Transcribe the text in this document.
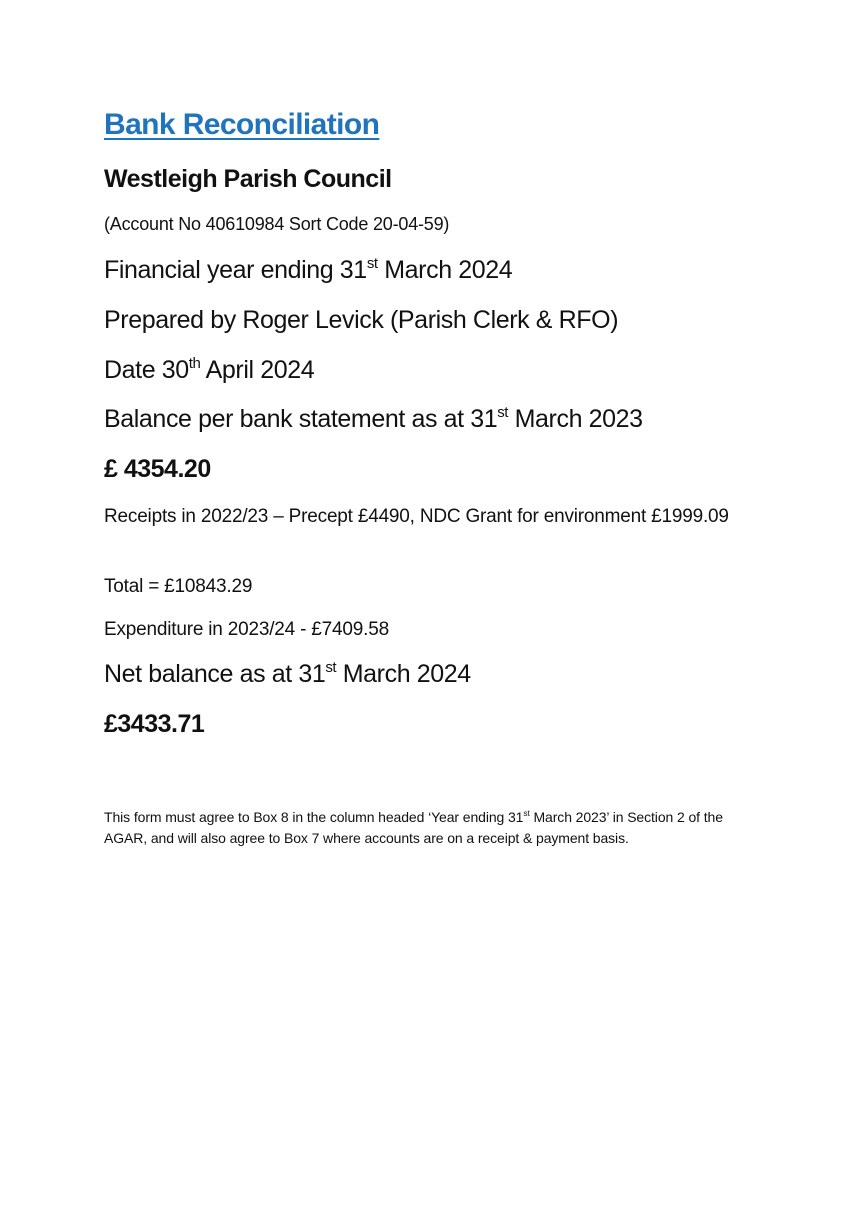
Bank Reconciliation
Westleigh Parish Council
(Account No 40610984 Sort Code 20-04-59)
Financial year ending 31st March 2024
Prepared by Roger Levick (Parish Clerk & RFO)
Date 30th April 2024
Balance per bank statement as at 31st March 2023
£ 4354.20
Receipts in 2022/23 – Precept £4490, NDC Grant for environment £1999.09
Total = £10843.29
Expenditure in 2023/24 - £7409.58
Net balance as at 31st March 2024
£3433.71
This form must agree to Box 8 in the column headed ‘Year ending 31st March 2023’ in Section 2 of the AGAR, and will also agree to Box 7 where accounts are on a receipt & payment basis.
